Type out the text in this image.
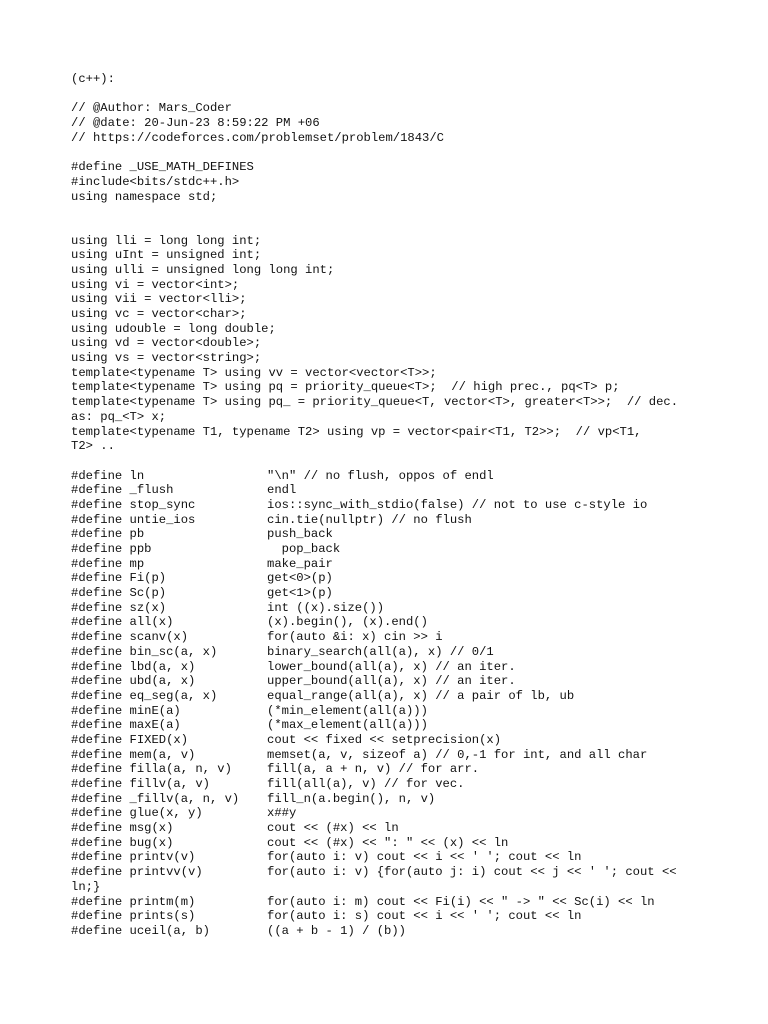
(c++):
// @Author: Mars_Coder
// @date: 20-Jun-23 8:59:22 PM +06
// https://codeforces.com/problemset/problem/1843/C
#define _USE_MATH_DEFINES
#include<bits/stdc++.h>
using namespace std;
using lli = long long int;
using uInt = unsigned int;
using ulli = unsigned long long int;
using vi = vector<int>;
using vii = vector<lli>;
using vc = vector<char>;
using udouble = long double;
using vd = vector<double>;
using vs = vector<string>;
template<typename T> using vv = vector<vector<T>>;
template<typename T> using pq = priority_queue<T>;  // high prec., pq<T> p;
template<typename T> using pq_ = priority_queue<T, vector<T>, greater<T>>;  // dec.
as: pq_<T> x;
template<typename T1, typename T2> using vp = vector<pair<T1, T2>>;  // vp<T1,
T2> ..
#define ln	"\n" // no flush, oppos of endl
#define _flush	endl
#define stop_sync	ios::sync_with_stdio(false) // not to use c-style io
#define untie_ios	cin.tie(nullptr) // no flush
#define pb	push_back
#define ppb	pop_back
#define mp	make_pair
#define Fi(p)	get<0>(p)
#define Sc(p)	get<1>(p)
#define sz(x)	int ((x).size())
#define all(x)	(x).begin(), (x).end()
#define scanv(x)	for(auto &i: x) cin >> i
#define bin_sc(a, x)	binary_search(all(a), x) // 0/1
#define lbd(a, x)	lower_bound(all(a), x) // an iter.
#define ubd(a, x)	upper_bound(all(a), x) // an iter.
#define eq_seg(a, x)	equal_range(all(a), x) // a pair of lb, ub
#define minE(a)	(*min_element(all(a)))
#define maxE(a)	(*max_element(all(a)))
#define FIXED(x)	cout << fixed << setprecision(x)
#define mem(a, v)	memset(a, v, sizeof a) // 0,-1 for int, and all char
#define filla(a, n, v)	fill(a, a + n, v) // for arr.
#define fillv(a, v)	fill(all(a), v) // for vec.
#define _fillv(a, n, v)	fill_n(a.begin(), n, v)
#define glue(x, y)	x##y
#define msg(x)	cout << (#x) << ln
#define bug(x)	cout << (#x) << ": " << (x) << ln
#define printv(v)	for(auto i: v) cout << i << ' '; cout << ln
#define printvv(v)	for(auto i: v) {for(auto j: i) cout << j << ' '; cout <<
ln;}
#define printm(m)	for(auto i: m) cout << Fi(i) << " -> " << Sc(i) << ln
#define prints(s)	for(auto i: s) cout << i << ' '; cout << ln
#define uceil(a, b)	((a + b - 1) / (b))
